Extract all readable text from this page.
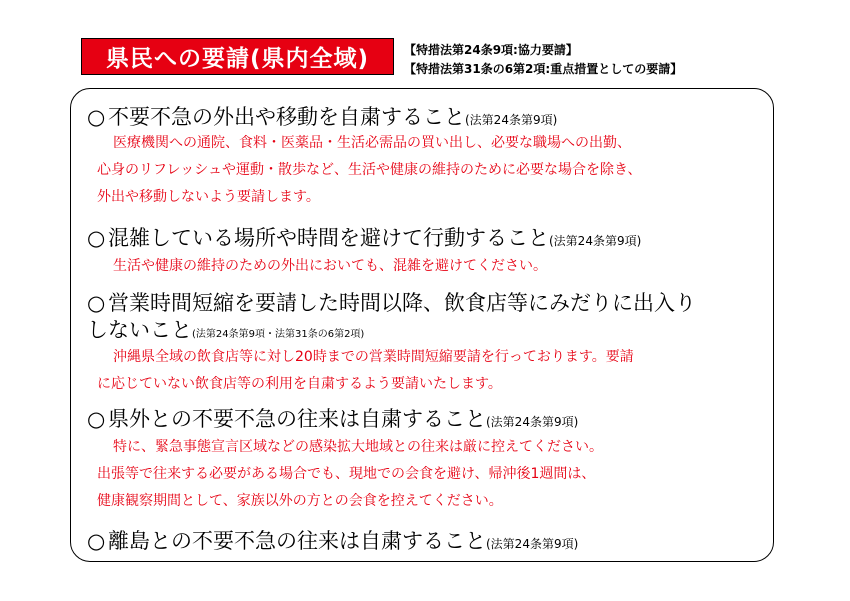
県民への要請(県内全域)	【特措法第24条9項:協力要請】
【特措法第31条の6第2項:重点措置としての要請】
○ 不要不急の外出や移動を自粛すること(法第24条第9項)
医療機関への通院、食料・医薬品・生活必需品の買い出し、必要な職場への出勤、
心身のリフレッシュや運動・散歩など、生活や健康の維持のために必要な場合を除き、
外出や移動しないよう要請します。
○ 混雑している場所や時間を避けて行動すること(法第24条第9項)
生活や健康の維持のための外出においても、混雑を避けてください。
○ 営業時間短縮を要請した時間以降、飲食店等にみだりに出入り
しないこと(法第24条第9項・法第31条の6第2項)
沖縄県全域の飲食店等に対し20時までの営業時間短縮要請を行っております。要請
に応じていない飲食店等の利用を自粛するよう要請いたします。
○ 県外との不要不急の往来は自粛すること(法第24条第9項)
特に、緊急事態宣言区域などの感染拡大地域との往来は厳に控えてください。
出張等で往来する必要がある場合でも、現地での会食を避け、帰沖後1週間は、
健康観察期間として、家族以外の方との会食を控えてください。
○ 離島との不要不急の往来は自粛すること(法第24条第9項)
